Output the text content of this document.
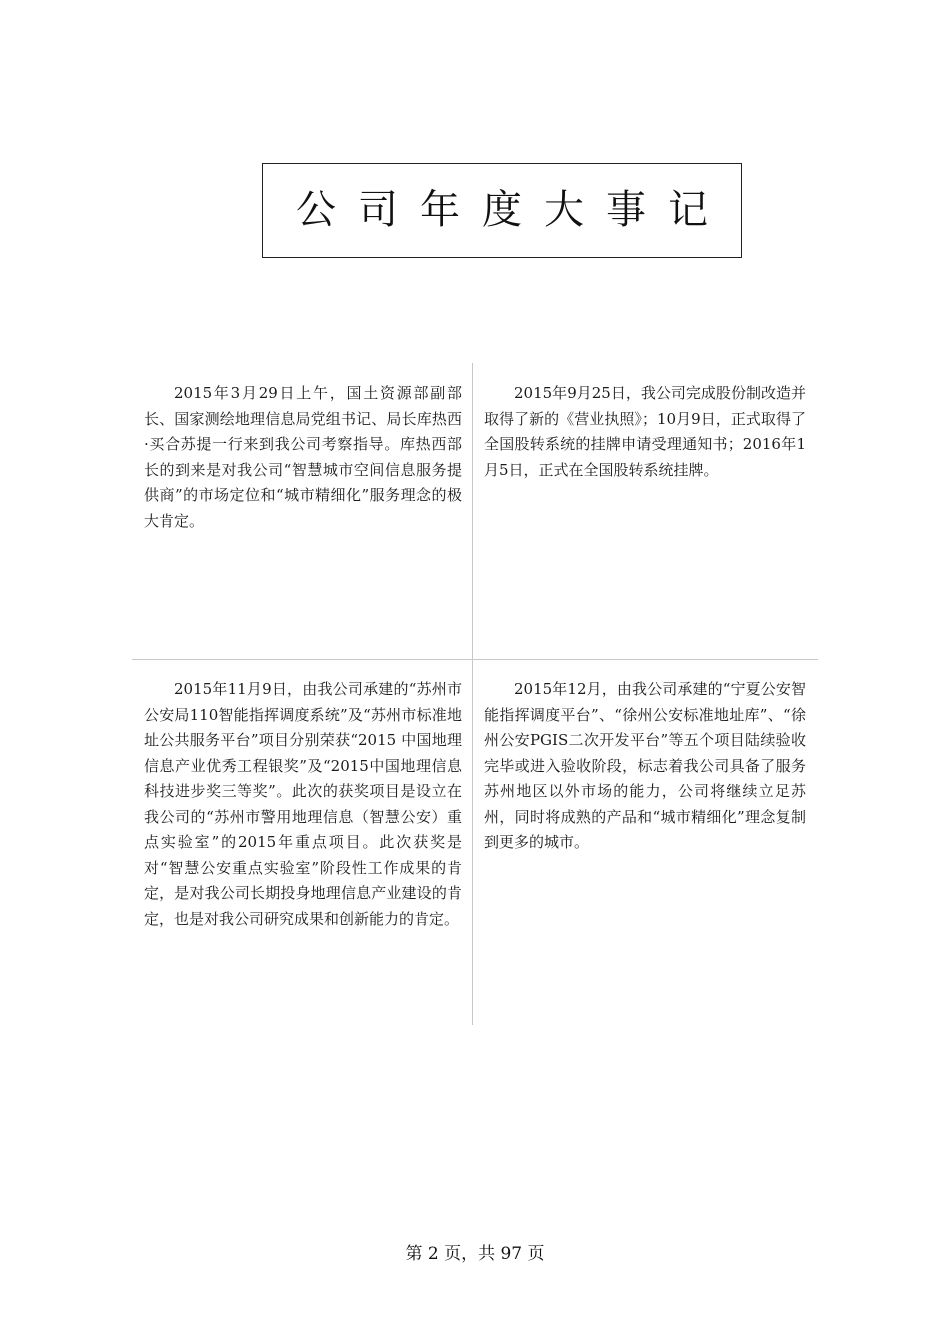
公司年度大事记

2015年3月29日上午，国土资源部副部长、国家测绘地理信息局党组书记、局长库热西·买合苏提一行来到我公司考察指导。库热西部长的到来是对我公司“智慧城市空间信息服务提供商”的市场定位和“城市精细化”服务理念的极大肯定。

2015年9月25日，我公司完成股份制改造并取得了新的《营业执照》；10月9日，正式取得了全国股转系统的挂牌申请受理通知书；2016年1月5日，正式在全国股转系统挂牌。

2015年11月9日，由我公司承建的“苏州市公安局110智能指挥调度系统”及“苏州市标准地址公共服务平台”项目分别荣获“2015 中国地理信息产业优秀工程银奖”及“2015中国地理信息科技进步奖三等奖”。此次的获奖项目是设立在我公司的“苏州市警用地理信息（智慧公安）重点实验室”的2015年重点项目。此次获奖是对“智慧公安重点实验室”阶段性工作成果的肯定，是对我公司长期投身地理信息产业建设的肯定，也是对我公司研究成果和创新能力的肯定。

2015年12月，由我公司承建的“宁夏公安智能指挥调度平台”、“徐州公安标准地址库”、“徐州公安PGIS二次开发平台”等五个项目陆续验收完毕或进入验收阶段，标志着我公司具备了服务苏州地区以外市场的能力，公司将继续立足苏州，同时将成熟的产品和“城市精细化”理念复制到更多的城市。

第 2 页，共 97 页
